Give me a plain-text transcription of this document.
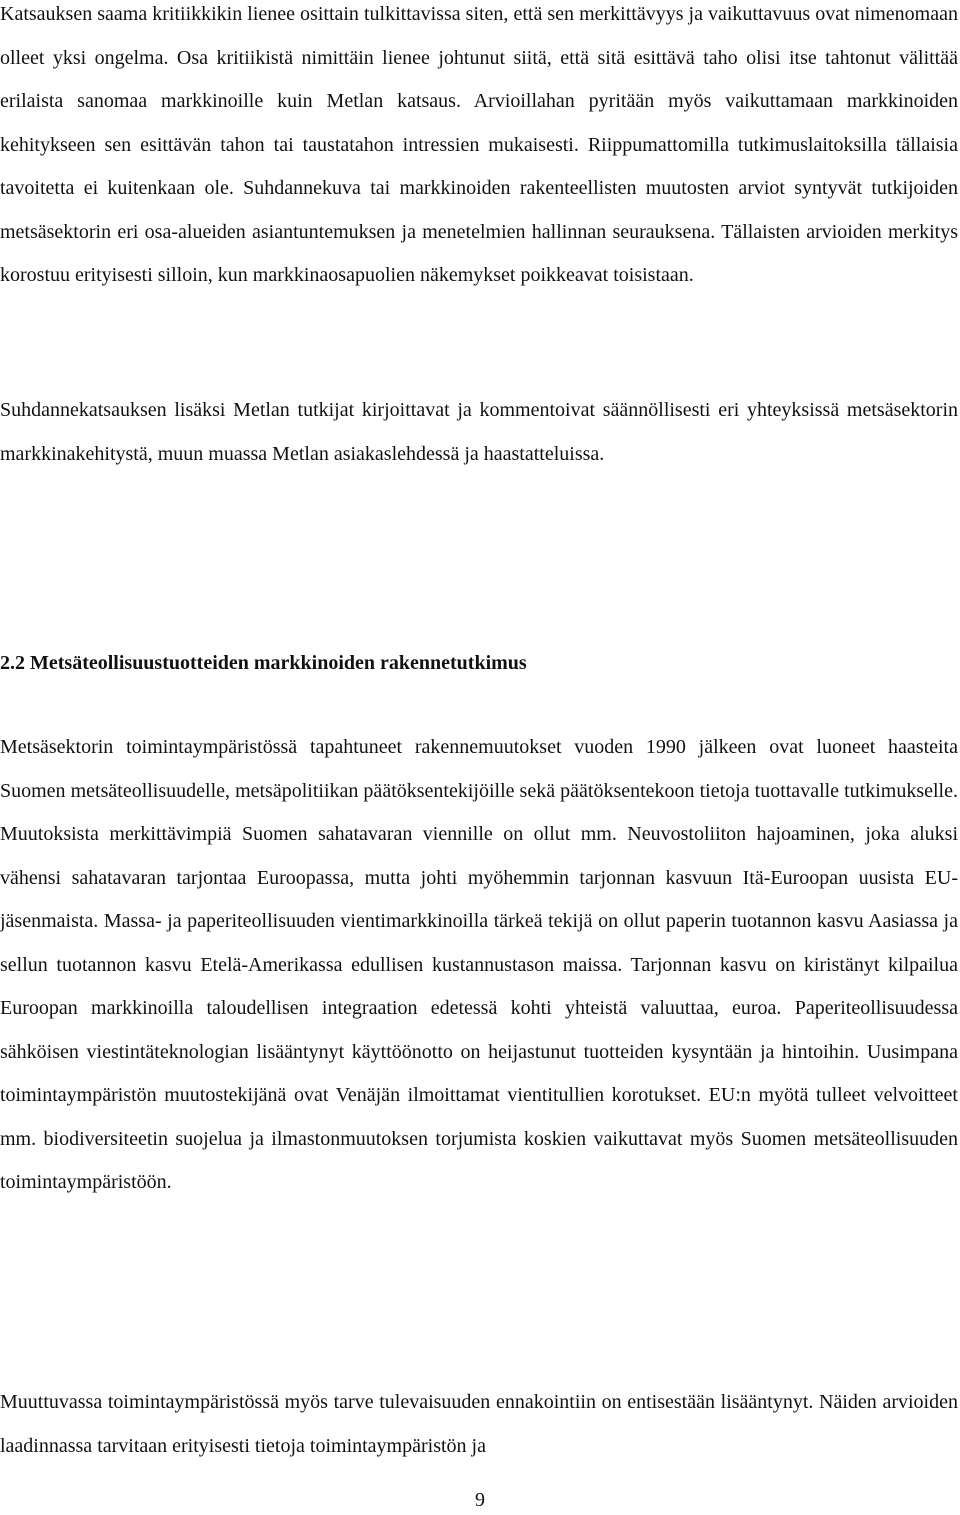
Katsauksen saama kritiikkikin lienee osittain tulkittavissa siten, että sen merkittävyys ja vaikuttavuus ovat nimenomaan olleet yksi ongelma. Osa kritiikistä nimittäin lienee johtunut siitä, että sitä esittävä taho olisi itse tahtonut välittää erilaista sanomaa markkinoille kuin Metlan katsaus. Arvioillahan pyritään myös vaikuttamaan markkinoiden kehitykseen sen esittävän tahon tai taustatahon intressien mukaisesti. Riippumattomilla tutkimuslaitoksilla tällaisia tavoitetta ei kuitenkaan ole. Suhdannekuva tai markkinoiden rakenteellisten muutosten arviot syntyvät tutkijoiden metsäsektorin eri osa-alueiden asiantuntemuksen ja menetelmien hallinnan seurauksena. Tällaisten arvioiden merkitys korostuu erityisesti silloin, kun markkinaosapuolien näkemykset poikkeavat toisistaan.

Suhdannekatsauksen lisäksi Metlan tutkijat kirjoittavat ja kommentoivat säännöllisesti eri yhteyksissä metsäsektorin markkinakehitystä, muun muassa Metlan asiakaslehdessä ja haastatteluissa.

2.2 Metsäteollisuustuotteiden markkinoiden rakennetutkimus

Metsäsektorin toimintaympäristössä tapahtuneet rakennemuutokset vuoden 1990 jälkeen ovat luoneet haasteita Suomen metsäteollisuudelle, metsäpolitiikan päätöksentekijöille sekä päätöksentekoon tietoja tuottavalle tutkimukselle. Muutoksista merkittävimpiä Suomen sahatavaran viennille on ollut mm. Neuvostoliiton hajoaminen, joka aluksi vähensi sahatavaran tarjontaa Euroopassa, mutta johti myöhemmin tarjonnan kasvuun Itä-Euroopan uusista EU-jäsenmaista. Massa- ja paperiteollisuuden vientimarkkinoilla tärkeä tekijä on ollut paperin tuotannon kasvu Aasiassa ja sellun tuotannon kasvu Etelä-Amerikassa edullisen kustannustason maissa. Tarjonnan kasvu on kiristänyt kilpailua Euroopan markkinoilla taloudellisen integraation edetessä kohti yhteistä valuuttaa, euroa. Paperiteollisuudessa sähköisen viestintäteknologian lisääntynyt käyttöönotto on heijastunut tuotteiden kysyntään ja hintoihin. Uusimpana toimintaympäristön muutostekijänä ovat Venäjän ilmoittamat vientitullien korotukset. EU:n myötä tulleet velvoitteet mm. biodiversiteetin suojelua ja ilmastonmuutoksen torjumista koskien vaikuttavat myös Suomen metsäteollisuuden toimintaympäristöön.

Muuttuvassa toimintaympäristössä myös tarve tulevaisuuden ennakointiin on entisestään lisääntynyt. Näiden arvioiden laadinnassa tarvitaan erityisesti tietoja toimintaympäristön ja

9
